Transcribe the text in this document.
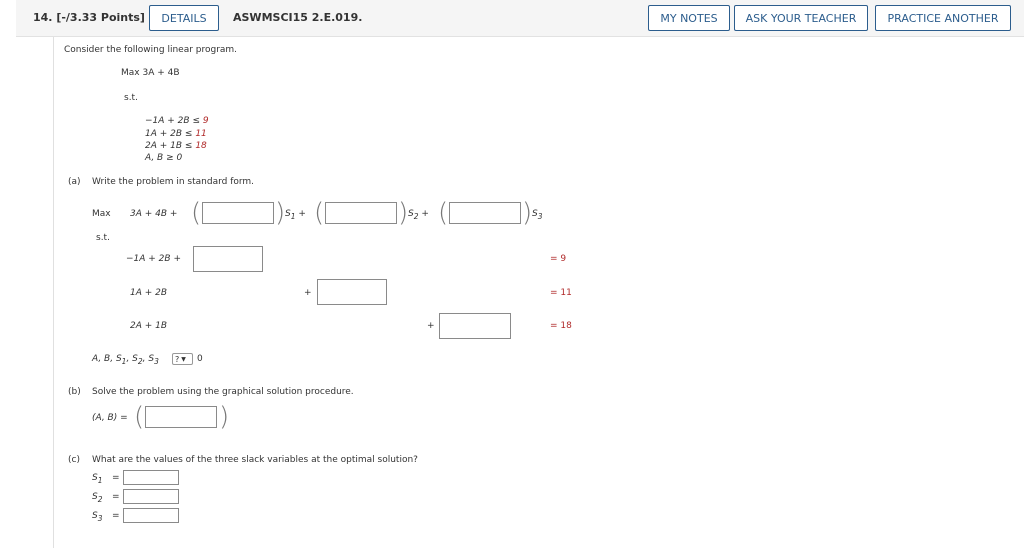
14. [-/3.33 Points]	DETAILS	ASWMSCI15 2.E.019.	MY NOTES	ASK YOUR TEACHER	PRACTICE ANOTHER
Consider the following linear program.
Max 3A + 4B
s.t.
−1A + 2B ≤ 9
1A + 2B ≤ 11
2A + 1B ≤ 18
A, B ≥ 0
(a) Write the problem in standard form.
Max 3A + 4B + (	) $S_1$ + (	) $S_2$ + (	) $S_3$
s.t.
−1A + 2B +	= 9
1A + 2B	+	= 11
2A + 1B	+	= 18
A, B, $S_1$, $S_2$, $S_3$ ? ▼ 0
(b) Solve the problem using the graphical solution procedure.
(A, B) = (	)
(c) What are the values of the three slack variables at the optimal solution?
$S_1$ =
$S_2$ =
$S_3$ =
